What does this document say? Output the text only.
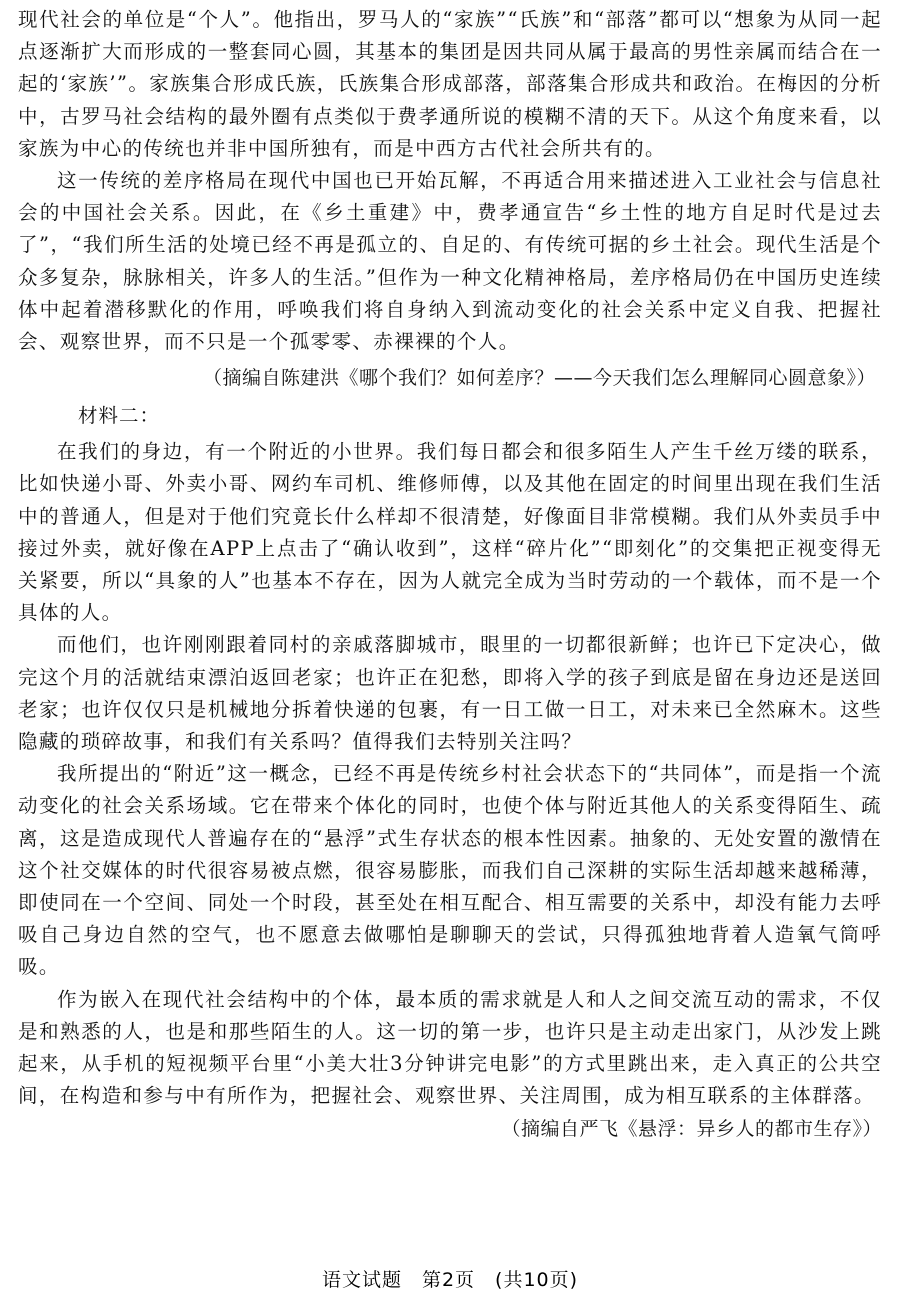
现代社会的单位是“个人”。他指出，罗马人的“家族”“氏族”和“部落”都可以“想象为从同一起点逐渐扩大而形成的一整套同心圆，其基本的集团是因共同从属于最高的男性亲属而结合在一起的‘家族’”。家族集合形成氏族，氏族集合形成部落，部落集合形成共和政治。在梅因的分析中，古罗马社会结构的最外圈有点类似于费孝通所说的模糊不清的天下。从这个角度来看，以家族为中心的传统也并非中国所独有，而是中西方古代社会所共有的。

这一传统的差序格局在现代中国也已开始瓦解，不再适合用来描述进入工业社会与信息社会的中国社会关系。因此，在《乡土重建》中，费孝通宣告“乡土性的地方自足时代是过去了”，“我们所生活的处境已经不再是孤立的、自足的、有传统可据的乡土社会。现代生活是个众多复杂，脉脉相关，许多人的生活。”但作为一种文化精神格局，差序格局仍在中国历史连续体中起着潜移默化的作用，呼唤我们将自身纳入到流动变化的社会关系中定义自我、把握社会、观察世界，而不只是一个孤零零、赤裸裸的个人。

（摘编自陈建洪《哪个我们？如何差序？——今天我们怎么理解同心圆意象》）
材料二：

在我们的身边，有一个附近的小世界。我们每日都会和很多陌生人产生千丝万缕的联系，比如快递小哥、外卖小哥、网约车司机、维修师傅，以及其他在固定的时间里出现在我们生活中的普通人，但是对于他们究竟长什么样却不很清楚，好像面目非常模糊。我们从外卖员手中接过外卖，就好像在APP上点击了“确认收到”，这样“碎片化”“即刻化”的交集把正视变得无关紧要，所以“具象的人”也基本不存在，因为人就完全成为当时劳动的一个载体，而不是一个具体的人。

而他们，也许刚刚跟着同村的亲戚落脚城市，眼里的一切都很新鲜；也许已下定决心，做完这个月的活就结束漂泊返回老家；也许正在犯愁，即将入学的孩子到底是留在身边还是送回老家；也许仅仅只是机械地分拆着快递的包裹，有一日工做一日工，对未来已全然麻木。这些隐藏的琐碎故事，和我们有关系吗？值得我们去特别关注吗？

我所提出的“附近”这一概念，已经不再是传统乡村社会状态下的“共同体”，而是指一个流动变化的社会关系场域。它在带来个体化的同时，也使个体与附近其他人的关系变得陌生、疏离，这是造成现代人普遍存在的“悬浮”式生存状态的根本性因素。抽象的、无处安置的激情在这个社交媒体的时代很容易被点燃，很容易膨胀，而我们自己深耕的实际生活却越来越稀薄，即使同在一个空间、同处一个时段，甚至处在相互配合、相互需要的关系中，却没有能力去呼吸自己身边自然的空气，也不愿意去做哪怕是聊聊天的尝试，只得孤独地背着人造氧气筒呼吸。

作为嵌入在现代社会结构中的个体，最本质的需求就是人和人之间交流互动的需求，不仅是和熟悉的人，也是和那些陌生的人。这一切的第一步，也许只是主动走出家门，从沙发上跳起来，从手机的短视频平台里“小美大壮3分钟讲完电影”的方式里跳出来，走入真正的公共空间，在构造和参与中有所作为，把握社会、观察世界、关注周围，成为相互联系的主体群落。
（摘编自严飞《悬浮：异乡人的都市生存》）

语文试题　第2页　(共10页)
